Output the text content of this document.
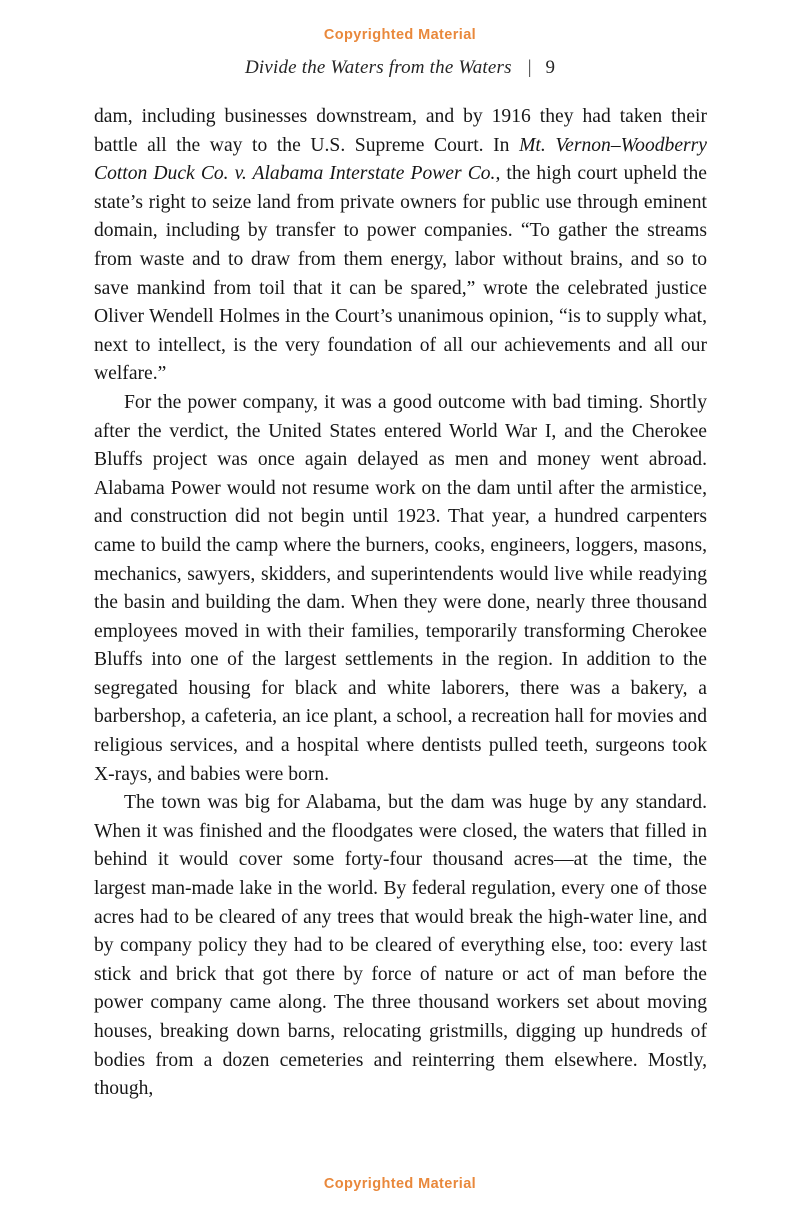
Copyrighted Material
Divide the Waters from the Waters | 9

dam, including businesses downstream, and by 1916 they had taken their battle all the way to the U.S. Supreme Court. In Mt. Vernon–Woodberry Cotton Duck Co. v. Alabama Interstate Power Co., the high court upheld the state’s right to seize land from private owners for public use through eminent domain, including by transfer to power companies. “To gather the streams from waste and to draw from them energy, labor without brains, and so to save mankind from toil that it can be spared,” wrote the celebrated justice Oliver Wendell Holmes in the Court’s unanimous opinion, “is to supply what, next to intellect, is the very foundation of all our achievements and all our welfare.”

For the power company, it was a good outcome with bad timing. Shortly after the verdict, the United States entered World War I, and the Cherokee Bluffs project was once again delayed as men and money went abroad. Alabama Power would not resume work on the dam until after the armistice, and construction did not begin until 1923. That year, a hundred carpenters came to build the camp where the burners, cooks, engineers, loggers, masons, mechanics, sawyers, skidders, and superintendents would live while readying the basin and building the dam. When they were done, nearly three thousand employees moved in with their families, temporarily transforming Cherokee Bluffs into one of the largest settlements in the region. In addition to the segregated housing for black and white laborers, there was a bakery, a barbershop, a cafeteria, an ice plant, a school, a recreation hall for movies and religious services, and a hospital where dentists pulled teeth, surgeons took X-rays, and babies were born.

The town was big for Alabama, but the dam was huge by any standard. When it was finished and the floodgates were closed, the waters that filled in behind it would cover some forty-four thousand acres—at the time, the largest man-made lake in the world. By federal regulation, every one of those acres had to be cleared of any trees that would break the high-water line, and by company policy they had to be cleared of everything else, too: every last stick and brick that got there by force of nature or act of man before the power company came along. The three thousand workers set about moving houses, breaking down barns, relocating gristmills, digging up hundreds of bodies from a dozen cemeteries and reinterring them elsewhere. Mostly, though,

Copyrighted Material
